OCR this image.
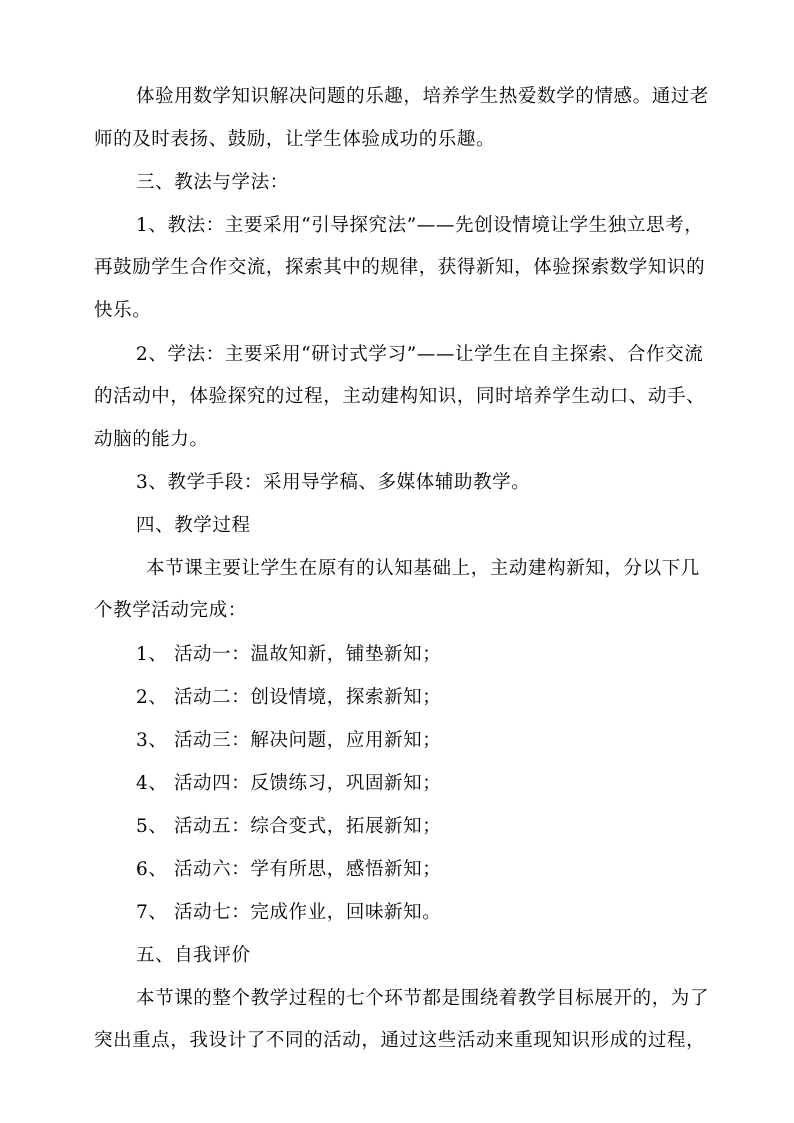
体验用数学知识解决问题的乐趣，培养学生热爱数学的情感。通过老
师的及时表扬、鼓励，让学生体验成功的乐趣。
三、教法与学法：
1、教法：主要采用“引导探究法”——先创设情境让学生独立思考，
再鼓励学生合作交流，探索其中的规律，获得新知，体验探索数学知识的
快乐。
2、学法：主要采用“研讨式学习”——让学生在自主探索、合作交流
的活动中，体验探究的过程，主动建构知识，同时培养学生动口、动手、
动脑的能力。
3、教学手段：采用导学稿、多媒体辅助教学。
四、教学过程
本节课主要让学生在原有的认知基础上，主动建构新知，分以下几
个教学活动完成：
1、 活动一：温故知新，铺垫新知；
2、 活动二：创设情境，探索新知；
3、 活动三：解决问题，应用新知；
4、 活动四：反馈练习，巩固新知；
5、 活动五：综合变式，拓展新知；
6、 活动六：学有所思，感悟新知；
7、 活动七：完成作业，回味新知。
五、自我评价
本节课的整个教学过程的七个环节都是围绕着教学目标展开的，为了
突出重点，我设计了不同的活动，通过这些活动来重现知识形成的过程，
